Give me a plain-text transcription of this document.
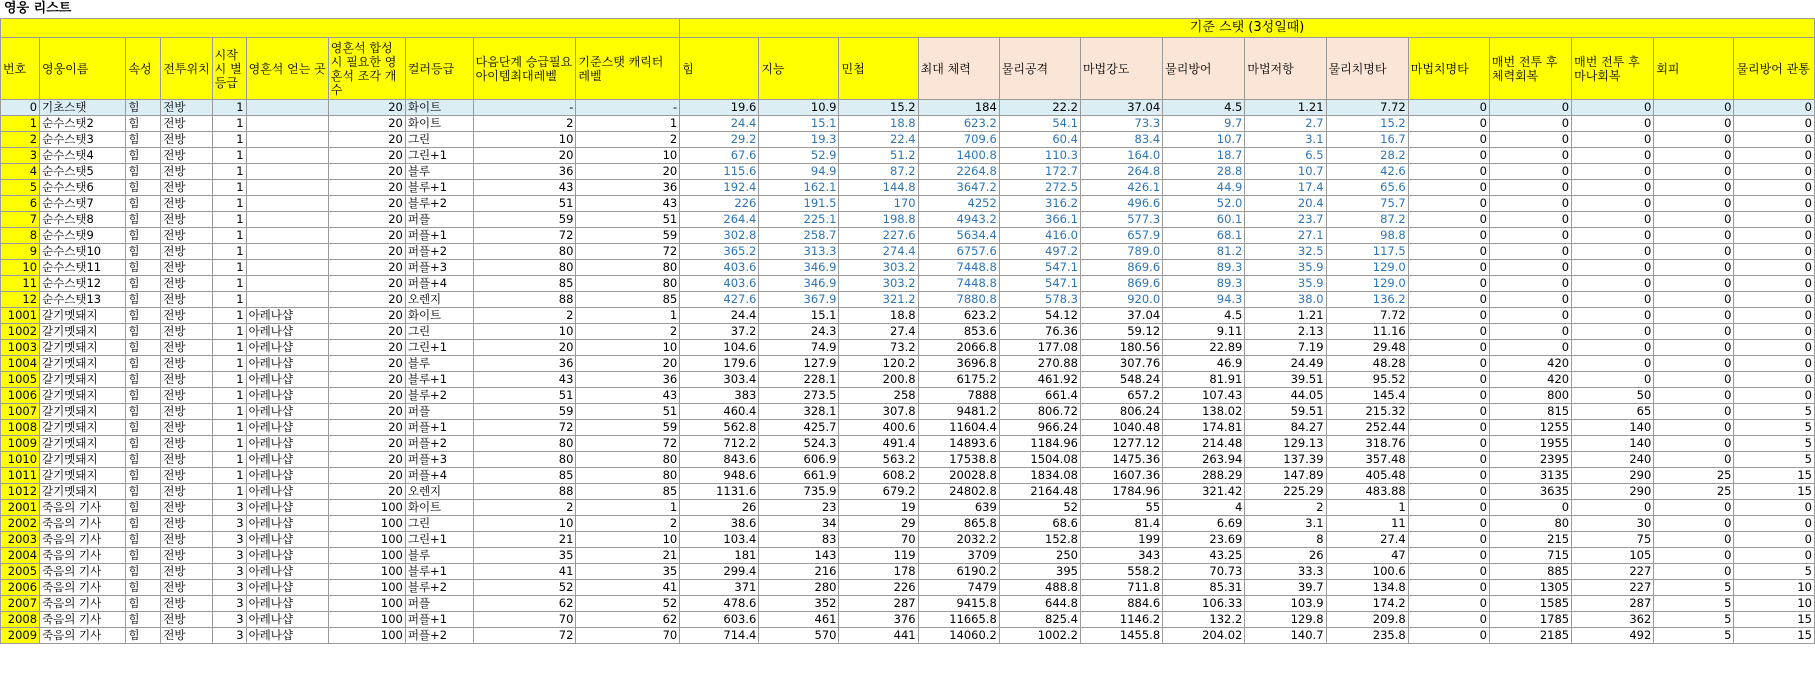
영웅 리스트
										기준 스탯 (3성일때)													
번호	영웅이름	속성	전투위치	시작시 별등급	영혼석 얻는 곳	영혼석 합성 시 필요한 영혼석 조각 개수	컬러등급	다음단계 승급필요 아이템최대레벨	기준스탯 캐릭터 레벨	힘	지능	민첩	최대 체력	물리공격	마법강도	물리방어	마법저항	물리치명타	마법치명타	매번 전투 후 체력회복	매번 전투 후 마나회복	회피	물리방어 관통
0	기초스탯	힘	전방	1		20	화이트	-	-	19.6	10.9	15.2	184	22.2	37.04	4.5	1.21	7.72	0	0	0	0	0
1	순수스탯2	힘	전방	1		20	화이트	2	1	24.4	15.1	18.8	623.2	54.1	73.3	9.7	2.7	15.2	0	0	0	0	0
2	순수스탯3	힘	전방	1		20	그린	10	2	29.2	19.3	22.4	709.6	60.4	83.4	10.7	3.1	16.7	0	0	0	0	0
3	순수스탯4	힘	전방	1		20	그린+1	20	10	67.6	52.9	51.2	1400.8	110.3	164.0	18.7	6.5	28.2	0	0	0	0	0
4	순수스탯5	힘	전방	1		20	블루	36	20	115.6	94.9	87.2	2264.8	172.7	264.8	28.8	10.7	42.6	0	0	0	0	0
5	순수스탯6	힘	전방	1		20	블루+1	43	36	192.4	162.1	144.8	3647.2	272.5	426.1	44.9	17.4	65.6	0	0	0	0	0
6	순수스탯7	힘	전방	1		20	블루+2	51	43	226	191.5	170	4252	316.2	496.6	52.0	20.4	75.7	0	0	0	0	0
7	순수스탯8	힘	전방	1		20	퍼플	59	51	264.4	225.1	198.8	4943.2	366.1	577.3	60.1	23.7	87.2	0	0	0	0	0
8	순수스탯9	힘	전방	1		20	퍼플+1	72	59	302.8	258.7	227.6	5634.4	416.0	657.9	68.1	27.1	98.8	0	0	0	0	0
9	순수스탯10	힘	전방	1		20	퍼플+2	80	72	365.2	313.3	274.4	6757.6	497.2	789.0	81.2	32.5	117.5	0	0	0	0	0
10	순수스탯11	힘	전방	1		20	퍼플+3	80	80	403.6	346.9	303.2	7448.8	547.1	869.6	89.3	35.9	129.0	0	0	0	0	0
11	순수스탯12	힘	전방	1		20	퍼플+4	85	80	403.6	346.9	303.2	7448.8	547.1	869.6	89.3	35.9	129.0	0	0	0	0	0
12	순수스탯13	힘	전방	1		20	오렌지	88	85	427.6	367.9	321.2	7880.8	578.3	920.0	94.3	38.0	136.2	0	0	0	0	0
1001	갈기멧돼지	힘	전방	1	아레나샵	20	화이트	2	1	24.4	15.1	18.8	623.2	54.12	37.04	4.5	1.21	7.72	0	0	0	0	0
1002	갈기멧돼지	힘	전방	1	아레나샵	20	그린	10	2	37.2	24.3	27.4	853.6	76.36	59.12	9.11	2.13	11.16	0	0	0	0	0
1003	갈기멧돼지	힘	전방	1	아레나샵	20	그린+1	20	10	104.6	74.9	73.2	2066.8	177.08	180.56	22.89	7.19	29.48	0	0	0	0	0
1004	갈기멧돼지	힘	전방	1	아레나샵	20	블루	36	20	179.6	127.9	120.2	3696.8	270.88	307.76	46.9	24.49	48.28	0	420	0	0	0
1005	갈기멧돼지	힘	전방	1	아레나샵	20	블루+1	43	36	303.4	228.1	200.8	6175.2	461.92	548.24	81.91	39.51	95.52	0	420	0	0	0
1006	갈기멧돼지	힘	전방	1	아레나샵	20	블루+2	51	43	383	273.5	258	7888	661.4	657.2	107.43	44.05	145.4	0	800	50	0	0
1007	갈기멧돼지	힘	전방	1	아레나샵	20	퍼플	59	51	460.4	328.1	307.8	9481.2	806.72	806.24	138.02	59.51	215.32	0	815	65	0	5
1008	갈기멧돼지	힘	전방	1	아레나샵	20	퍼플+1	72	59	562.8	425.7	400.6	11604.4	966.24	1040.48	174.81	84.27	252.44	0	1255	140	0	5
1009	갈기멧돼지	힘	전방	1	아레나샵	20	퍼플+2	80	72	712.2	524.3	491.4	14893.6	1184.96	1277.12	214.48	129.13	318.76	0	1955	140	0	5
1010	갈기멧돼지	힘	전방	1	아레나샵	20	퍼플+3	80	80	843.6	606.9	563.2	17538.8	1504.08	1475.36	263.94	137.39	357.48	0	2395	240	0	5
1011	갈기멧돼지	힘	전방	1	아레나샵	20	퍼플+4	85	80	948.6	661.9	608.2	20028.8	1834.08	1607.36	288.29	147.89	405.48	0	3135	290	25	15
1012	갈기멧돼지	힘	전방	1	아레나샵	20	오렌지	88	85	1131.6	735.9	679.2	24802.8	2164.48	1784.96	321.42	225.29	483.88	0	3635	290	25	15
2001	죽음의 기사	힘	전방	3	아레나샵	100	화이트	2	1	26	23	19	639	52	55	4	2	1	0	0	0	0	0
2002	죽음의 기사	힘	전방	3	아레나샵	100	그린	10	2	38.6	34	29	865.8	68.6	81.4	6.69	3.1	11	0	80	30	0	0
2003	죽음의 기사	힘	전방	3	아레나샵	100	그린+1	21	10	103.4	83	70	2032.2	152.8	199	23.69	8	27.4	0	215	75	0	0
2004	죽음의 기사	힘	전방	3	아레나샵	100	블루	35	21	181	143	119	3709	250	343	43.25	26	47	0	715	105	0	0
2005	죽음의 기사	힘	전방	3	아레나샵	100	블루+1	41	35	299.4	216	178	6190.2	395	558.2	70.73	33.3	100.6	0	885	227	0	5
2006	죽음의 기사	힘	전방	3	아레나샵	100	블루+2	52	41	371	280	226	7479	488.8	711.8	85.31	39.7	134.8	0	1305	227	5	10
2007	죽음의 기사	힘	전방	3	아레나샵	100	퍼플	62	52	478.6	352	287	9415.8	644.8	884.6	106.33	103.9	174.2	0	1585	287	5	10
2008	죽음의 기사	힘	전방	3	아레나샵	100	퍼플+1	70	62	603.6	461	376	11665.8	825.4	1146.2	132.2	129.8	209.8	0	1785	362	5	15
2009	죽음의 기사	힘	전방	3	아레나샵	100	퍼플+2	72	70	714.4	570	441	14060.2	1002.2	1455.8	204.02	140.7	235.8	0	2185	492	5	15
